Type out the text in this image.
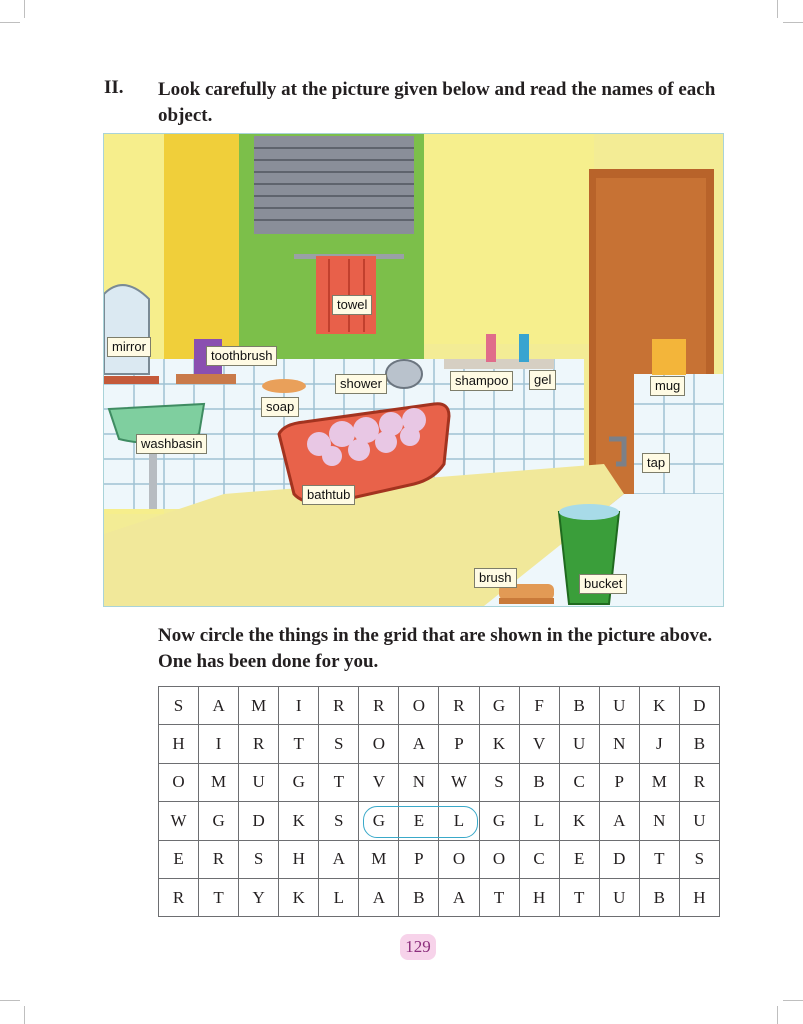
II. Look carefully at the picture given below and read the names of each object.
towel
mirror
toothbrush
shower	shampoo	gel	mug
soap
washbasin
tap
bathtub
brush	bucket
Now circle the things in the grid that are shown in the picture above. One has been done for you.
S	A	M	I	R	R	O	R	G	F	B	U	K	D
H	I	R	T	S	O	A	P	K	V	U	N	J	B
O	M	U	G	T	V	N	W	S	B	C	P	M	R
W	G	D	K	S	G	E	L	G	L	K	A	N	U
E	R	S	H	A	M	P	O	O	C	E	D	T	S
R	T	Y	K	L	A	B	A	T	H	T	U	B	H
129
